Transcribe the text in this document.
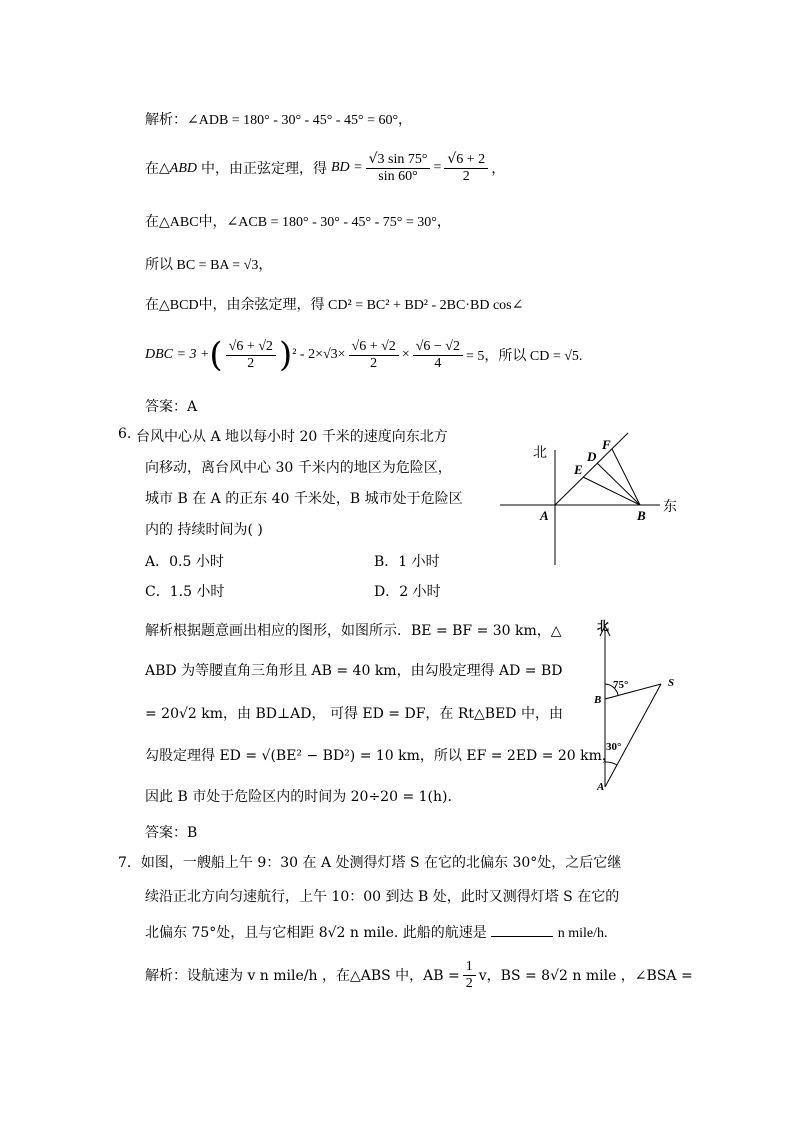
解析：∠ADB = 180° - 30° - 45° - 45° = 60°，
在 △ABD 中，由正弦定理，得 BD = $\frac{√3 \sin 75^\circ}{\sin 60^\circ} = \frac{√6 + 2}{2}$ ，
在△ABC中，∠ACB = 180° - 30° - 45° - 75° = 30°，
所以 BC = BA = √3，
在△BCD中，由余弦定理，得 CD² = BC² + BD² - 2BC·BD cos∠
DBC = 3 + ( $\frac{√6 + √2}{2}$ ) $^2 - 2\times√3\times \frac{√6 + √2}{2} \times \frac{√6 - √2}{4} = 5$，所以 CD = √5.
答案：A
6. 台风中心从 A 地以每小时 20 千米的速度向东北方
向移动，离台风中心 30 千米内的地区为危险区，
城市 B 在 A 的正东 40 千米处，B 城市处于危险区
内的 持续时间为( )
A．0.5 小时	B．1 小时
C．1.5 小时	D．2 小时
北
东
A	B
D
E
F
解析根据题意画出相应的图形，如图所示．BE = BF = 30 km，△
ABD 为等腰直角三角形且 AB = 40 km，由勾股定理得 AD = BD
= 20√2 km，由 BD⊥AD， 可得 ED = DF，在 Rt△BED 中，由
勾股定理得 ED = √(BE² − BD²) = 10 km，所以 EF = 2ED = 20 km，
因此 B 市处于危险区内的时间为 20÷20 = 1(h)．
答案：B
北
B
S
A
75°
30°
7．如图，一艘船上午 9：30 在 A 处测得灯塔 S 在它的北偏东 30°处，之后它继
续沿正北方向匀速航行，上午 10：00 到达 B 处，此时又测得灯塔 S 在它的
北偏东 75°处，且与它相距 8√2 n mile. 此船的航速是	n mile/h.
解析：设航速为 v n mile/h ，在△ABS 中，AB = $\frac{1}{2}$ v，BS = 8√2 n mile ，∠BSA =
